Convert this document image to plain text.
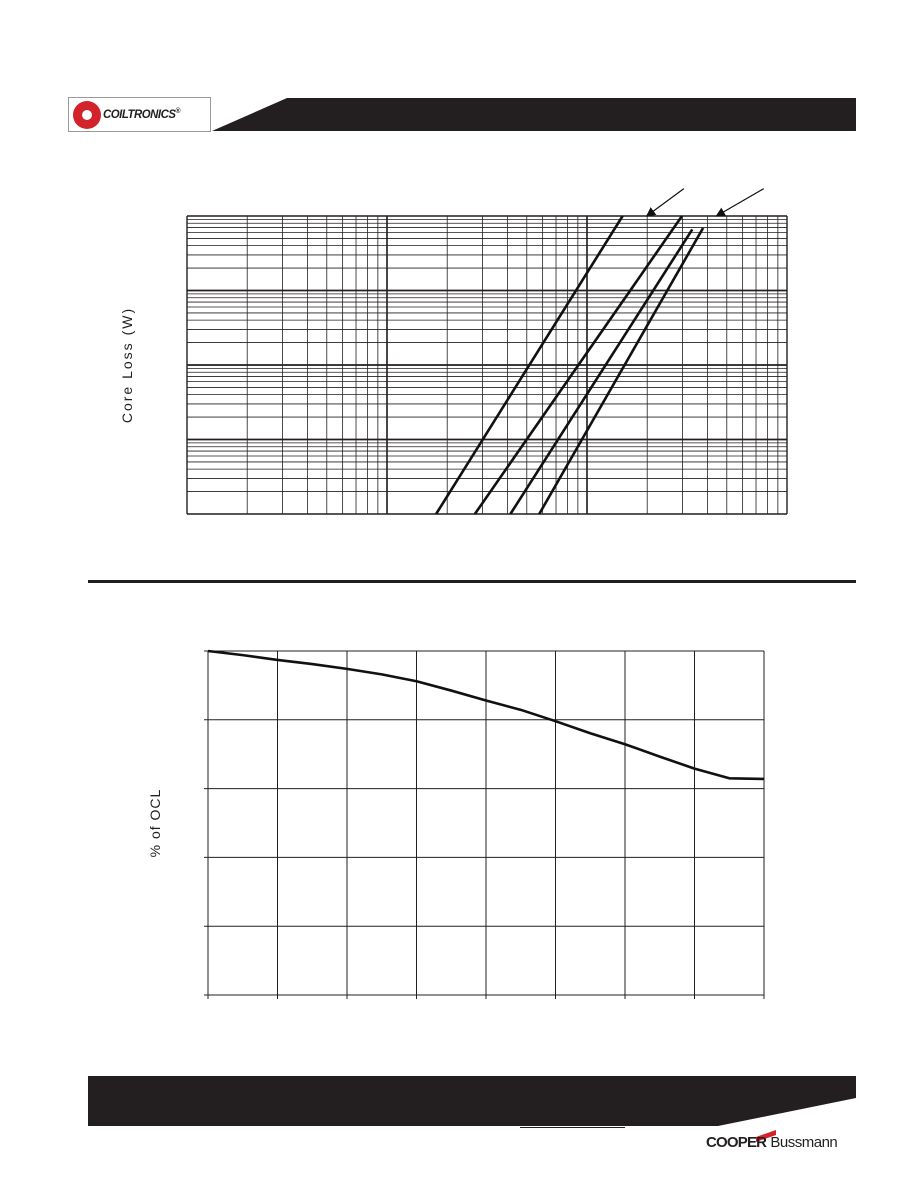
COILTRONICS®
Core Loss (W)
% of OCL
COOPER Bussmann
